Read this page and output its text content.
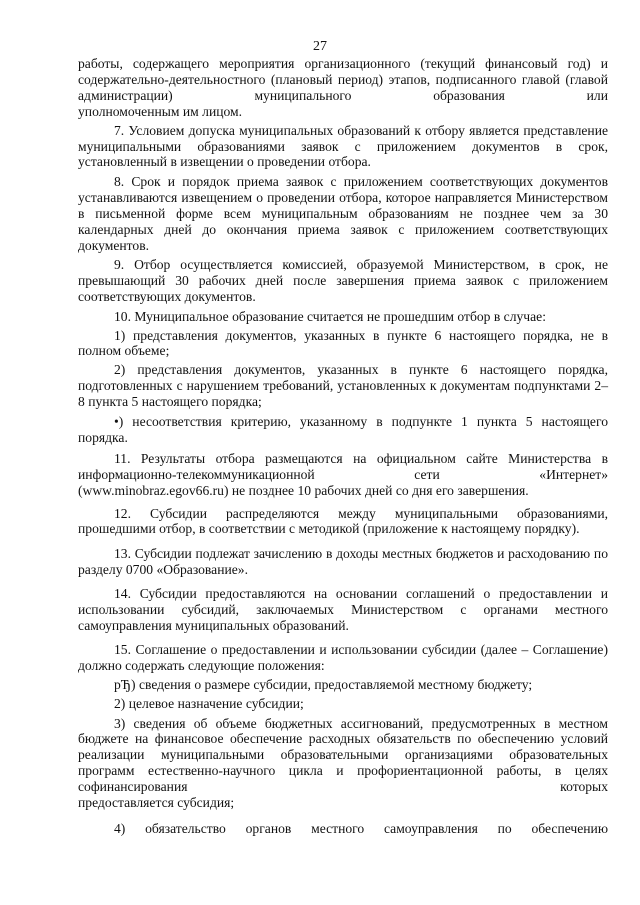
27

работы, содержащего мероприятия организационного (текущий финансовый год) и содержательно-деятельностного (плановый период) этапов, подписанного главой (главой администрации) муниципального образования или

уполномоченным им лицом.

7. Условием допуска муниципальных образований к отбору является представление муниципальными образованиями заявок с приложением документов в срок, установленный в извещении о проведении отбора.

8. Срок и порядок приема заявок с приложением соответствующих документов устанавливаются извещением о проведении отбора, которое направляется Министерством в письменной форме всем муниципальным образованиям не позднее чем за 30 календарных дней до окончания приема заявок с приложением соответствующих документов.

9. Отбор осуществляется комиссией, образуемой Министерством, в срок, не превышающий 30 рабочих дней после завершения приема заявок с приложением соответствующих документов.

10. Муниципальное образование считается не прошедшим отбор в случае:

1) представления документов, указанных в пункте 6 настоящего порядка, не в полном объеме;

2) представления документов, указанных в пункте 6 настоящего порядка, подготовленных с нарушением требований, установленных к документам подпунктами 2–8 пункта 5 настоящего порядка;

•) несоответствия критерию, указанному в подпункте 1 пункта 5 настоящего порядка.

11. Результаты отбора размещаются на официальном сайте Министерства в информационно-телекоммуникационной сети «Интернет»

(www.minobraz.egov66.ru) не позднее 10 рабочих дней со дня его завершения.

12. Субсидии распределяются между муниципальными образованиями, прошедшими отбор, в соответствии с методикой (приложение к настоящему порядку).

13. Субсидии подлежат зачислению в доходы местных бюджетов и расходованию по разделу 0700 «Образование».

14. Субсидии предоставляются на основании соглашений о предоставлении и использовании субсидий, заключаемых Министерством с органами местного самоуправления муниципальных образований.

15. Соглашение о предоставлении и использовании субсидии (далее – Соглашение) должно содержать следующие положения:

рЂ) сведения о размере субсидии, предоставляемой местному бюджету;

2) целевое назначение субсидии;

3) сведения об объеме бюджетных ассигнований, предусмотренных в местном бюджете на финансовое обеспечение расходных обязательств по обеспечению условий реализации муниципальными образовательными организациями образовательных программ естественно-научного цикла и профориентационной работы, в целях софинансирования которых

предоставляется субсидия;

4) обязательство органов местного самоуправления по обеспечению
